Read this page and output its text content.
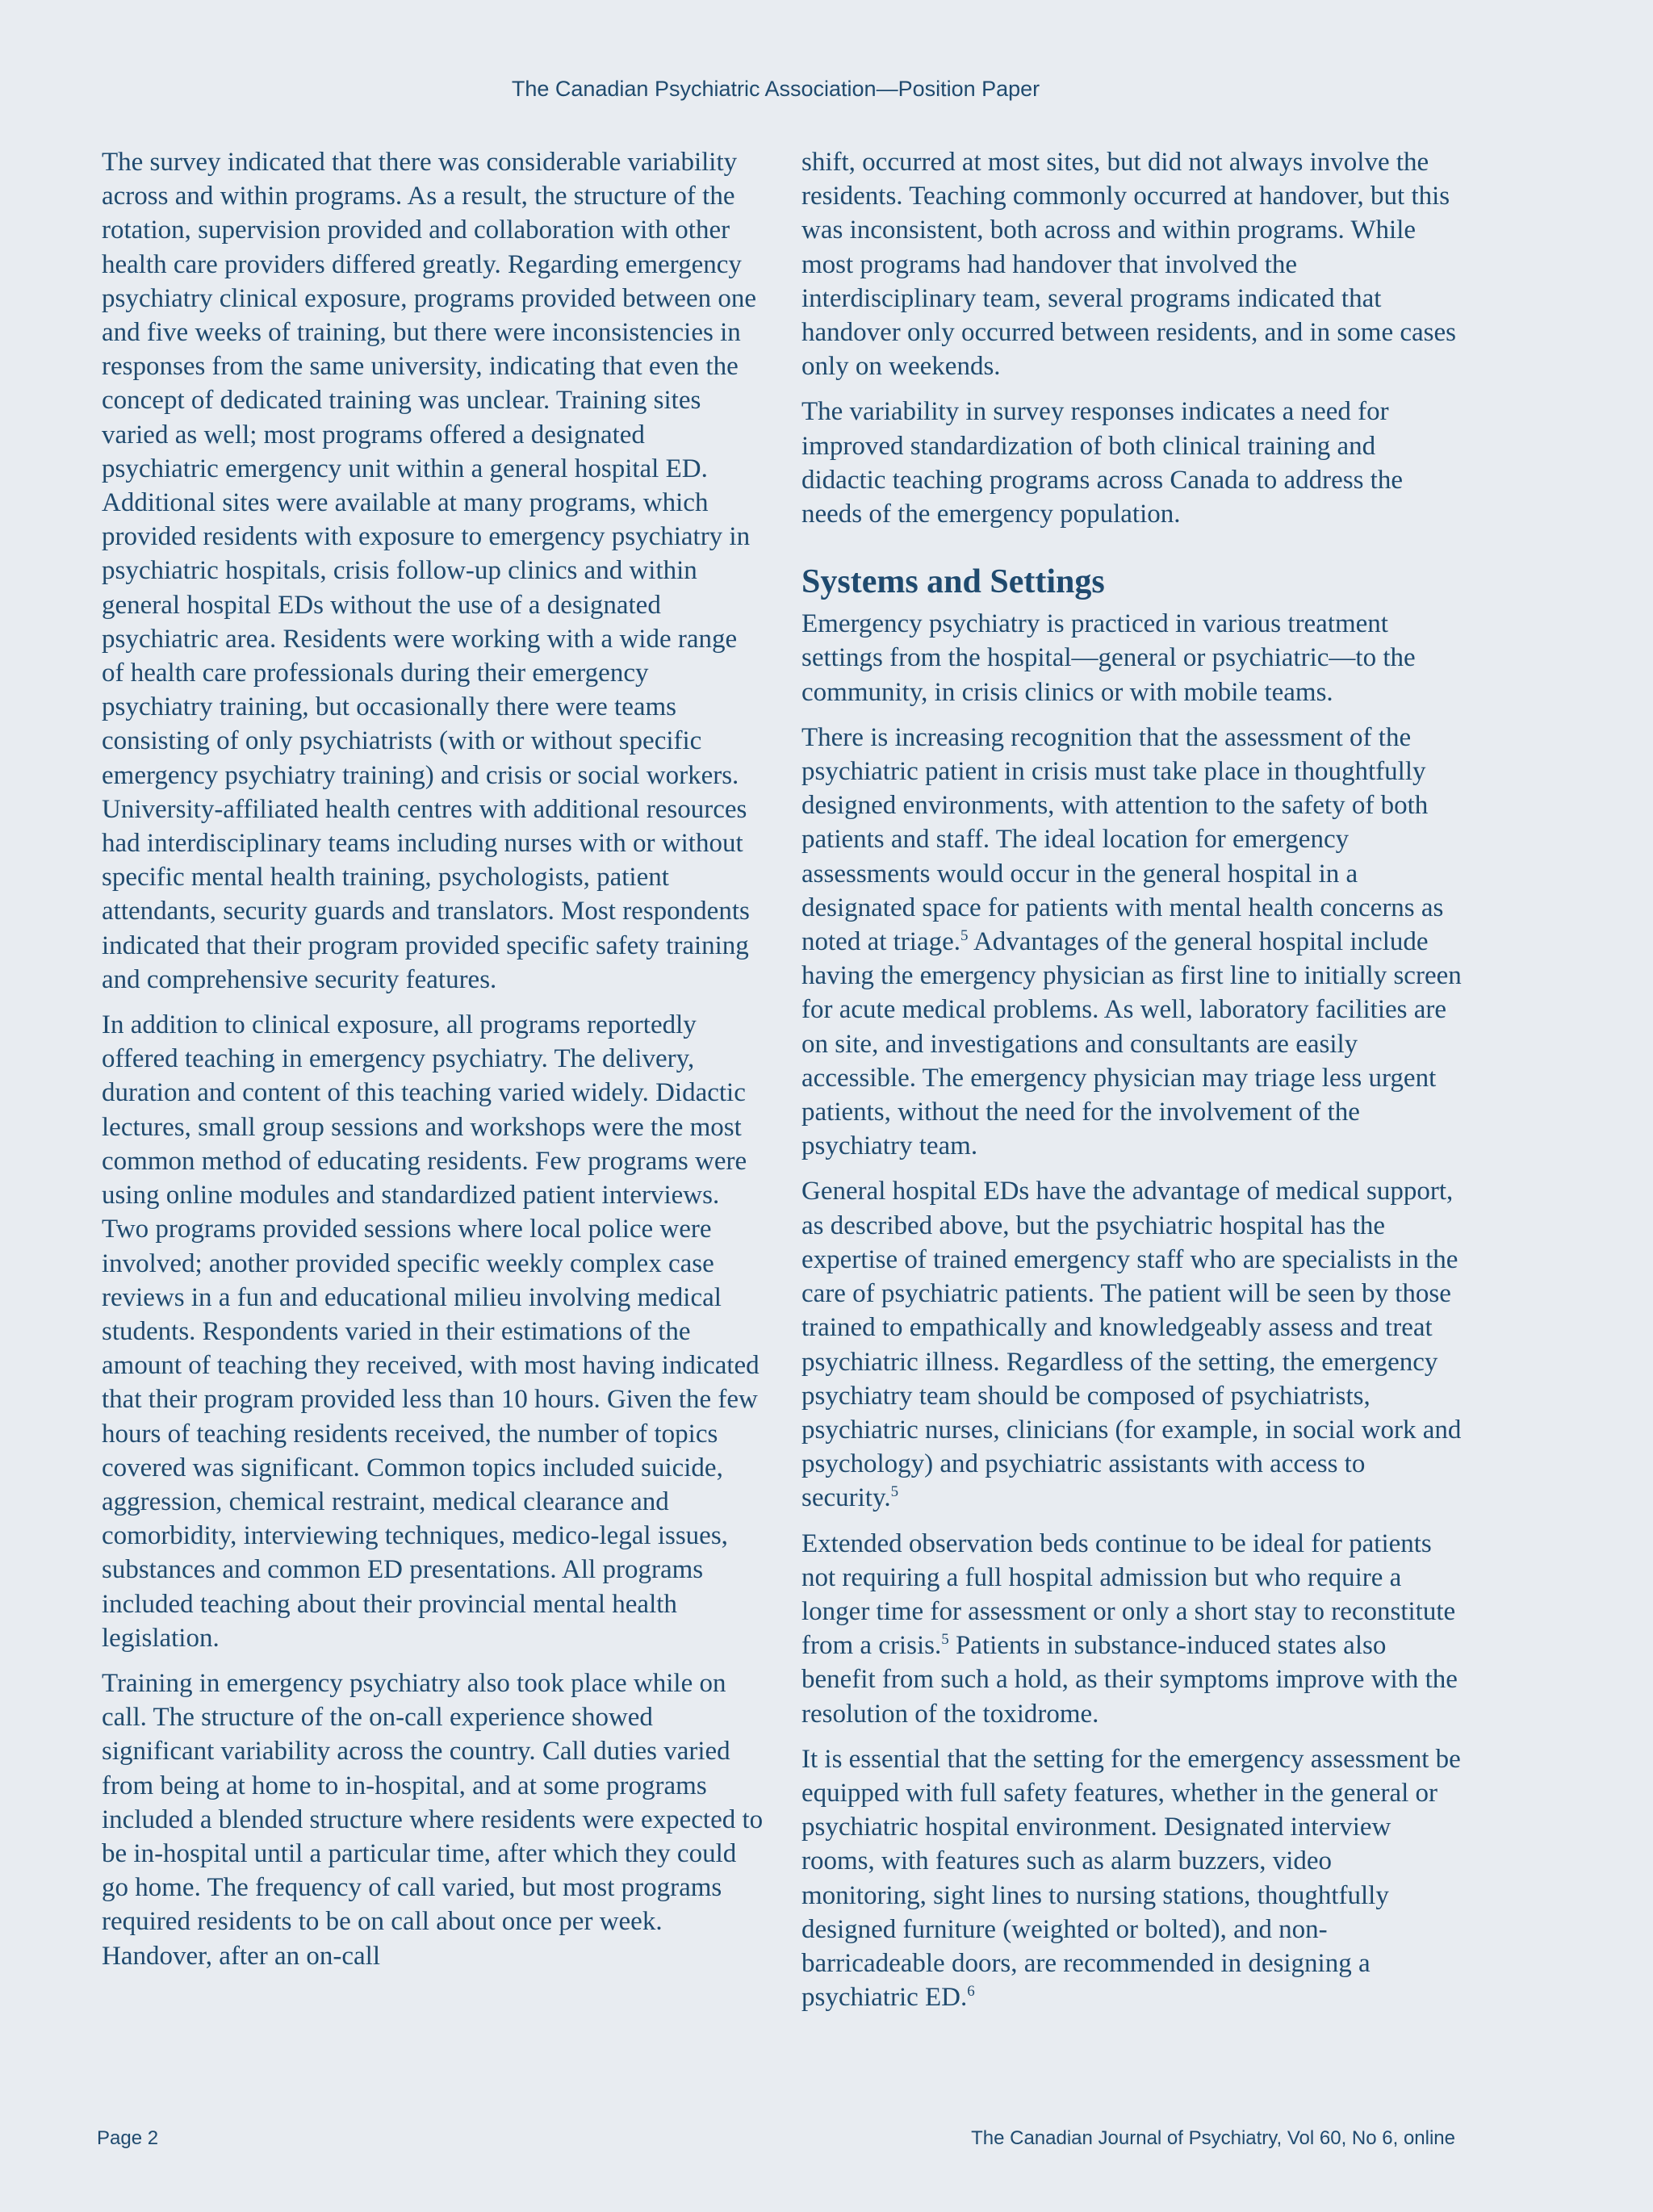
The Canadian Psychiatric Association—Position Paper

The survey indicated that there was considerable variability across and within programs. As a result, the structure of the rotation, supervision provided and collaboration with other health care providers differed greatly. Regarding emergency psychiatry clinical exposure, programs provided between one and five weeks of training, but there were inconsistencies in responses from the same university, indicating that even the concept of dedicated training was unclear. Training sites varied as well; most programs offered a designated psychiatric emergency unit within a general hospital ED. Additional sites were available at many programs, which provided residents with exposure to emergency psychiatry in psychiatric hospitals, crisis follow-up clinics and within general hospital EDs without the use of a designated psychiatric area. Residents were working with a wide range of health care professionals during their emergency psychiatry training, but occasionally there were teams consisting of only psychiatrists (with or without specific emergency psychiatry training) and crisis or social workers. University-affiliated health centres with additional resources had interdisciplinary teams including nurses with or without specific mental health training, psychologists, patient attendants, security guards and translators. Most respondents indicated that their program provided specific safety training and comprehensive security features.

In addition to clinical exposure, all programs reportedly offered teaching in emergency psychiatry. The delivery, duration and content of this teaching varied widely. Didactic lectures, small group sessions and workshops were the most common method of educating residents. Few programs were using online modules and standardized patient interviews. Two programs provided sessions where local police were involved; another provided specific weekly complex case reviews in a fun and educational milieu involving medical students. Respondents varied in their estimations of the amount of teaching they received, with most having indicated that their program provided less than 10 hours. Given the few hours of teaching residents received, the number of topics covered was significant. Common topics included suicide, aggression, chemical restraint, medical clearance and comorbidity, interviewing techniques, medico-legal issues, substances and common ED presentations. All programs included teaching about their provincial mental health legislation.

Training in emergency psychiatry also took place while on call. The structure of the on-call experience showed significant variability across the country. Call duties varied from being at home to in-hospital, and at some programs included a blended structure where residents were expected to be in-hospital until a particular time, after which they could go home. The frequency of call varied, but most programs required residents to be on call about once per week. Handover, after an on-call

shift, occurred at most sites, but did not always involve the residents. Teaching commonly occurred at handover, but this was inconsistent, both across and within programs. While most programs had handover that involved the interdisciplinary team, several programs indicated that handover only occurred between residents, and in some cases only on weekends.

The variability in survey responses indicates a need for improved standardization of both clinical training and didactic teaching programs across Canada to address the needs of the emergency population.

Systems and Settings

Emergency psychiatry is practiced in various treatment settings from the hospital—general or psychiatric—to the community, in crisis clinics or with mobile teams.

There is increasing recognition that the assessment of the psychiatric patient in crisis must take place in thoughtfully designed environments, with attention to the safety of both patients and staff. The ideal location for emergency assessments would occur in the general hospital in a designated space for patients with mental health concerns as noted at triage.$^5$ Advantages of the general hospital include having the emergency physician as first line to initially screen for acute medical problems. As well, laboratory facilities are on site, and investigations and consultants are easily accessible. The emergency physician may triage less urgent patients, without the need for the involvement of the psychiatry team.

General hospital EDs have the advantage of medical support, as described above, but the psychiatric hospital has the expertise of trained emergency staff who are specialists in the care of psychiatric patients. The patient will be seen by those trained to empathically and knowledgeably assess and treat psychiatric illness. Regardless of the setting, the emergency psychiatry team should be composed of psychiatrists, psychiatric nurses, clinicians (for example, in social work and psychology) and psychiatric assistants with access to security.$^5$

Extended observation beds continue to be ideal for patients not requiring a full hospital admission but who require a longer time for assessment or only a short stay to reconstitute from a crisis.$^5$ Patients in substance-induced states also benefit from such a hold, as their symptoms improve with the resolution of the toxidrome.

It is essential that the setting for the emergency assessment be equipped with full safety features, whether in the general or psychiatric hospital environment. Designated interview rooms, with features such as alarm buzzers, video monitoring, sight lines to nursing stations, thoughtfully designed furniture (weighted or bolted), and non-barricadeable doors, are recommended in designing a psychiatric ED.$^6$

Page 2	The Canadian Journal of Psychiatry, Vol 60, No 6, online
